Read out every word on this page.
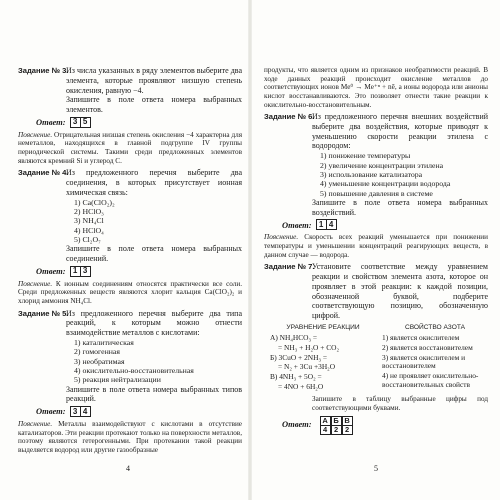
Задание № 3.
Из числа указанных в ряду элементов выберите два элемента, которые проявляют низшую степень окисления, равную −4.
Запишите в поле ответа номера выбранных элементов.
Ответ: 3 5
Пояснение. Отрицательная низшая степень окисления −4 характерна для неметаллов, находящихся в главной подгруппе IV группы периодической системы. Такими среди предложенных элементов являются кремний Si и углерод C.
Задание № 4.
Из предложенного перечня выберите два соединения, в которых присутствует ионная химическая связь:
1) Ca(ClO₂)₂
2) HClO₃
3) NH₄Cl
4) HClO₄
5) Cl₂O₇
Запишите в поле ответа номера выбранных соединений.
Ответ: 1 3
Пояснение. К ионным соединениям относятся практически все соли. Среди предложенных веществ являются хлорит кальция Ca(ClO₂)₂ и хлорид аммония NH₄Cl.
Задание № 5.
Из предложенного перечня выберите два типа реакций, к которым можно отнести взаимодействие металлов с кислотами:
1) каталитическая
2) гомогенная
3) необратимая
4) окислительно-восстановительная
5) реакция нейтрализации
Запишите в поле ответа номера выбранных типов реакций.
Ответ: 3 4
Пояснение. Металлы взаимодействуют с кислотами в отсутствие катализаторов. Эти реакции протекают только на поверхности металлов, поэтому являются гетерогенными. При протекании такой реакции выделяется водород или другие газообразные
4
продукты, что является одним из признаков необратимости реакций. В ходе данных реакций происходит окисление металлов до соответствующих ионов Me⁰ → Me⁺ⁿ + nē, а ионы водорода или анионы кислот восстанавливаются. Это позволяет отнести такие реакции к окислительно-восстановительным.
Задание № 6.
Из предложенного перечня внешних воздействий выберите два воздействия, которые приводят к уменьшению скорости реакции этилена с водородом:
1) понижение температуры
2) увеличение концентрации этилена
3) использование катализатора
4) уменьшение концентрации водорода
5) повышение давления в системе
Запишите в поле ответа номера выбранных воздействий.
Ответ: 1 4
Пояснение. Скорость всех реакций уменьшается при понижении температуры и уменьшении концентраций реагирующих веществ, в данном случае — водорода.
Задание № 7.
Установите соответствие между уравнением реакции и свойством элемента азота, которое он проявляет в этой реакции: к каждой позиции, обозначенной буквой, подберите соответствующую позицию, обозначенную цифрой.
УРАВНЕНИЕ РЕАКЦИИ
А) NH₄HCO₃ =
= NH₃ + H₂O + CO₂
Б) 3CuO + 2NH₃ =
= N₂ + 3Cu +3H₂O
В) 4NH₃ + 5O₂ =
= 4NO + 6H₂O
СВОЙСТВО АЗОТА
1) является окислителем
2) является восстановителем
3) является окислителем и восстановителем
4) не проявляет окислительно-восстановительных свойств
Запишите в таблицу выбранные цифры под соответствующими буквами.
Ответ:	А Б В
4 2 2
5
